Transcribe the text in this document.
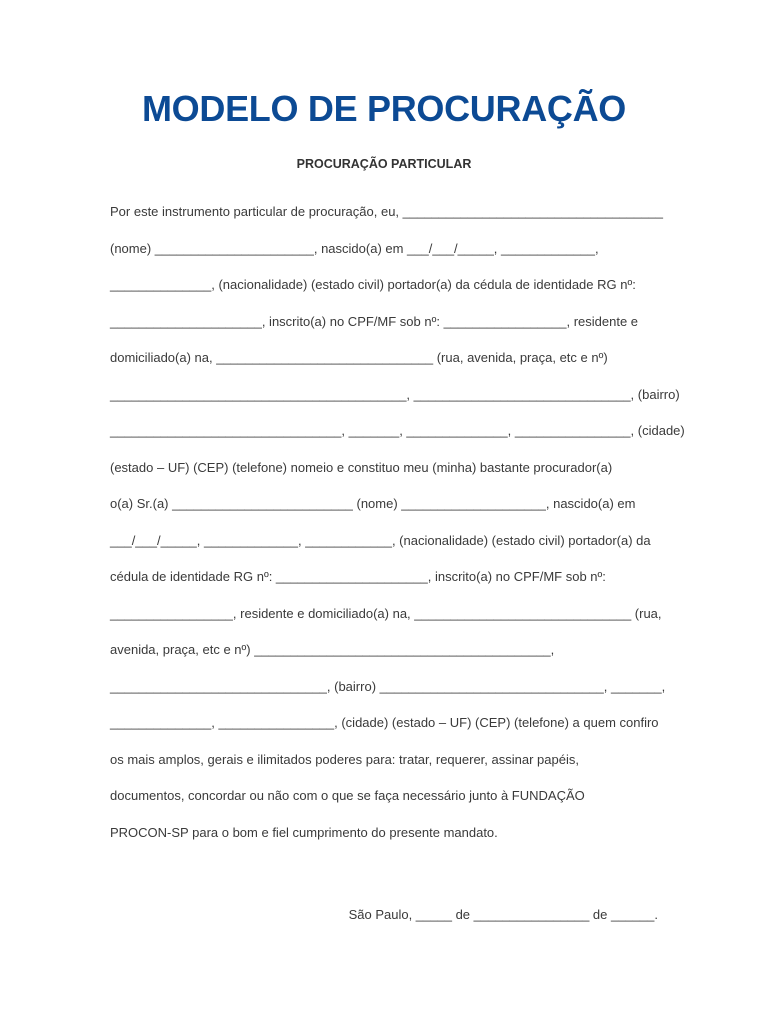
MODELO DE PROCURAÇÃO
PROCURAÇÃO PARTICULAR
Por este instrumento particular de procuração, eu, ____________________________________
(nome) ______________________, nascido(a) em ___/___/_____, _____________,
______________, (nacionalidade) (estado civil) portador(a) da cédula de identidade RG nº:
_____________________, inscrito(a) no CPF/MF sob nº: _________________, residente e
domiciliado(a) na, ______________________________ (rua, avenida, praça, etc e nº)
_________________________________________, ______________________________, (bairro)
________________________________, _______, ______________, ________________, (cidade)
(estado – UF) (CEP) (telefone) nomeio e constituo meu (minha) bastante procurador(a)
o(a) Sr.(a) _________________________ (nome) ____________________, nascido(a) em
___/___/_____, _____________, ____________, (nacionalidade) (estado civil) portador(a) da
cédula de identidade RG nº: _____________________, inscrito(a) no CPF/MF sob nº:
_________________, residente e domiciliado(a) na, ______________________________ (rua,
avenida, praça, etc e nº) _________________________________________,
______________________________, (bairro) _______________________________, _______,
______________, ________________, (cidade) (estado – UF) (CEP) (telefone) a quem confiro
os mais amplos, gerais e ilimitados poderes para: tratar, requerer, assinar papéis,
documentos, concordar ou não com o que se faça necessário junto à FUNDAÇÃO
PROCON-SP para o bom e fiel cumprimento do presente mandato.
São Paulo, _____ de ________________ de ______.
